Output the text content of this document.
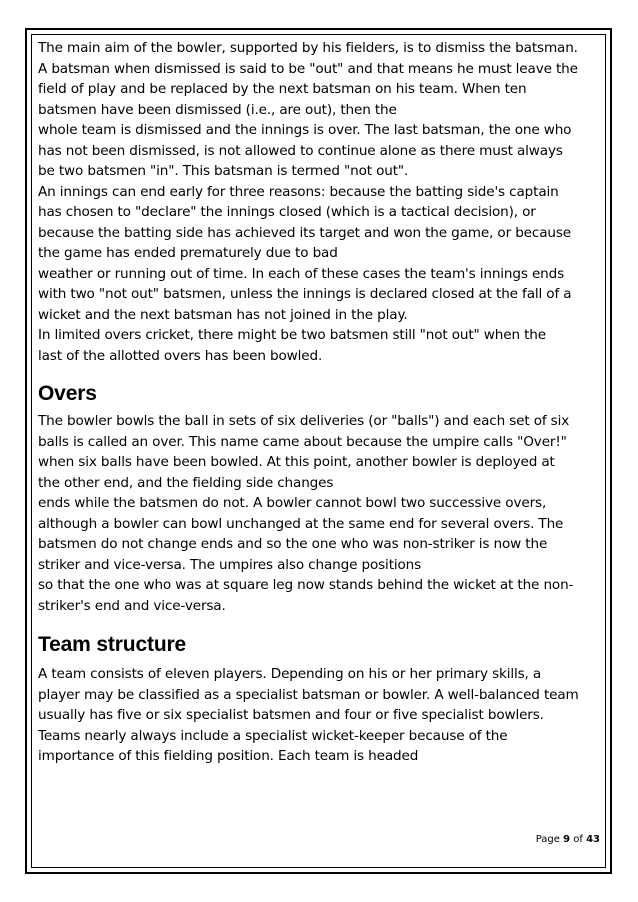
The main aim of the bowler, supported by his fielders, is to dismiss the batsman.
A batsman when dismissed is said to be "out" and that means he must leave the
field of play and be replaced by the next batsman on his team. When ten
batsmen have been dismissed (i.e., are out), then the
whole team is dismissed and the innings is over. The last batsman, the one who
has not been dismissed, is not allowed to continue alone as there must always
be two batsmen "in". This batsman is termed "not out".
An innings can end early for three reasons: because the batting side's captain
has chosen to "declare" the innings closed (which is a tactical decision), or
because the batting side has achieved its target and won the game, or because
the game has ended prematurely due to bad
weather or running out of time. In each of these cases the team's innings ends
with two "not out" batsmen, unless the innings is declared closed at the fall of a
wicket and the next batsman has not joined in the play.
In limited overs cricket, there might be two batsmen still "not out" when the
last of the allotted overs has been bowled.
Overs
The bowler bowls the ball in sets of six deliveries (or "balls") and each set of six
balls is called an over. This name came about because the umpire calls "Over!"
when six balls have been bowled. At this point, another bowler is deployed at
the other end, and the fielding side changes
ends while the batsmen do not. A bowler cannot bowl two successive overs,
although a bowler can bowl unchanged at the same end for several overs. The
batsmen do not change ends and so the one who was non-striker is now the
striker and vice-versa. The umpires also change positions
so that the one who was at square leg now stands behind the wicket at the non-
striker's end and vice-versa.
Team structure
A team consists of eleven players. Depending on his or her primary skills, a
player may be classified as a specialist batsman or bowler. A well-balanced team
usually has five or six specialist batsmen and four or five specialist bowlers.
Teams nearly always include a specialist wicket-keeper because of the
importance of this fielding position. Each team is headed
Page 9 of 43
